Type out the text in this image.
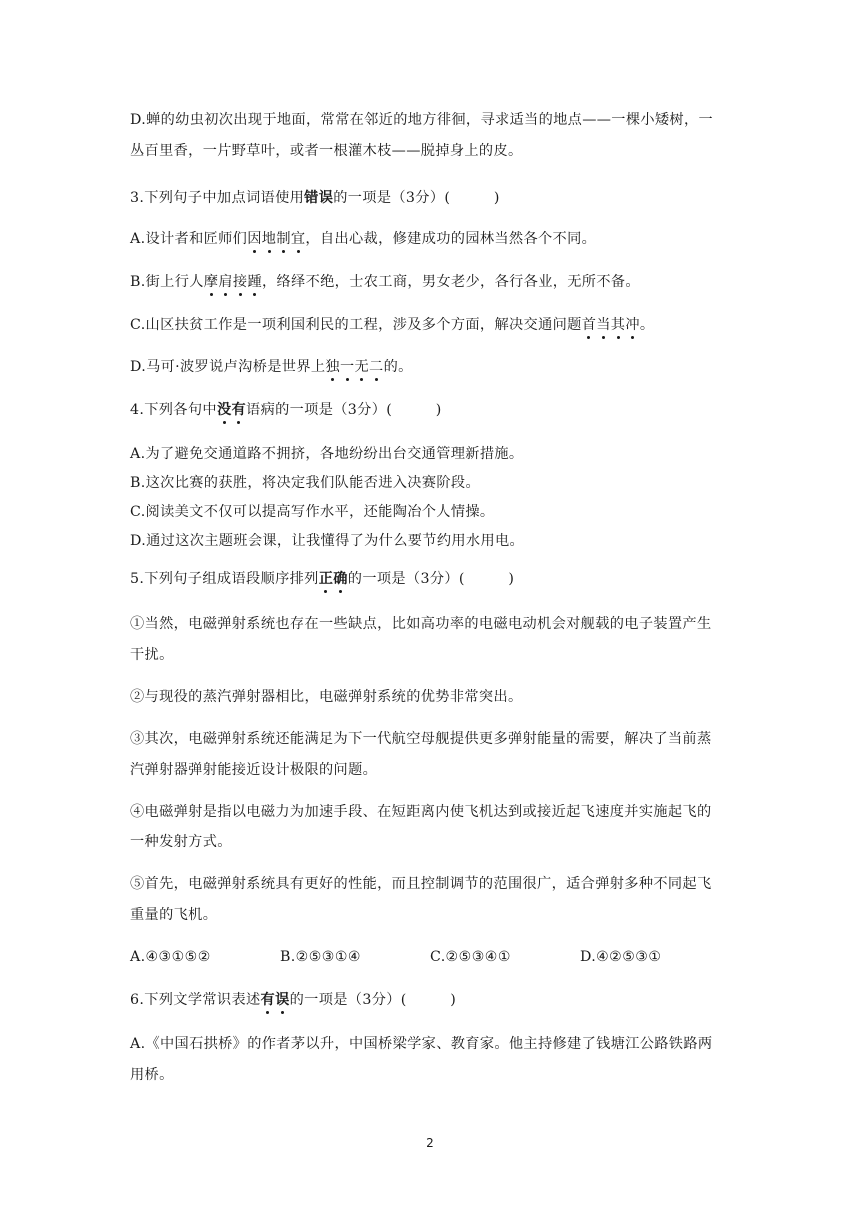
D.蝉的幼虫初次出现于地面，常常在邻近的地方徘徊，寻求适当的地点——一棵小矮树，一
丛百里香，一片野草叶，或者一根灌木枝——脱掉身上的皮。
3.下列句子中加点词语使用错误的一项是（3分）(　　　)
A.设计者和匠师们因地制宜，自出心裁，修建成功的园林当然各个不同。
B.街上行人摩肩接踵，络绎不绝，士农工商，男女老少，各行各业，无所不备。
C.山区扶贫工作是一项利国利民的工程，涉及多个方面，解决交通问题首当其冲。
D.马可·波罗说卢沟桥是世界上独一无二的。
4.下列各句中没有语病的一项是（3分）(　　　)
A.为了避免交通道路不拥挤，各地纷纷出台交通管理新措施。
B.这次比赛的获胜，将决定我们队能否进入决赛阶段。
C.阅读美文不仅可以提高写作水平，还能陶冶个人情操。
D.通过这次主题班会课，让我懂得了为什么要节约用水用电。
5.下列句子组成语段顺序排列正确的一项是（3分）(　　　)
①当然，电磁弹射系统也存在一些缺点，比如高功率的电磁电动机会对舰载的电子装置产生
干扰。
②与现役的蒸汽弹射器相比，电磁弹射系统的优势非常突出。
③其次，电磁弹射系统还能满足为下一代航空母舰提供更多弹射能量的需要，解决了当前蒸
汽弹射器弹射能接近设计极限的问题。
④电磁弹射是指以电磁力为加速手段、在短距离内使飞机达到或接近起飞速度并实施起飞的
一种发射方式。
⑤首先，电磁弹射系统具有更好的性能，而且控制调节的范围很广，适合弹射多种不同起飞
重量的飞机。
A.④③①⑤②	B.②⑤③①④	C.②⑤③④①	D.④②⑤③①
6.下列文学常识表述有误的一项是（3分）(　　　)
A.《中国石拱桥》的作者茅以升，中国桥梁学家、教育家。他主持修建了钱塘江公路铁路两
用桥。
2
